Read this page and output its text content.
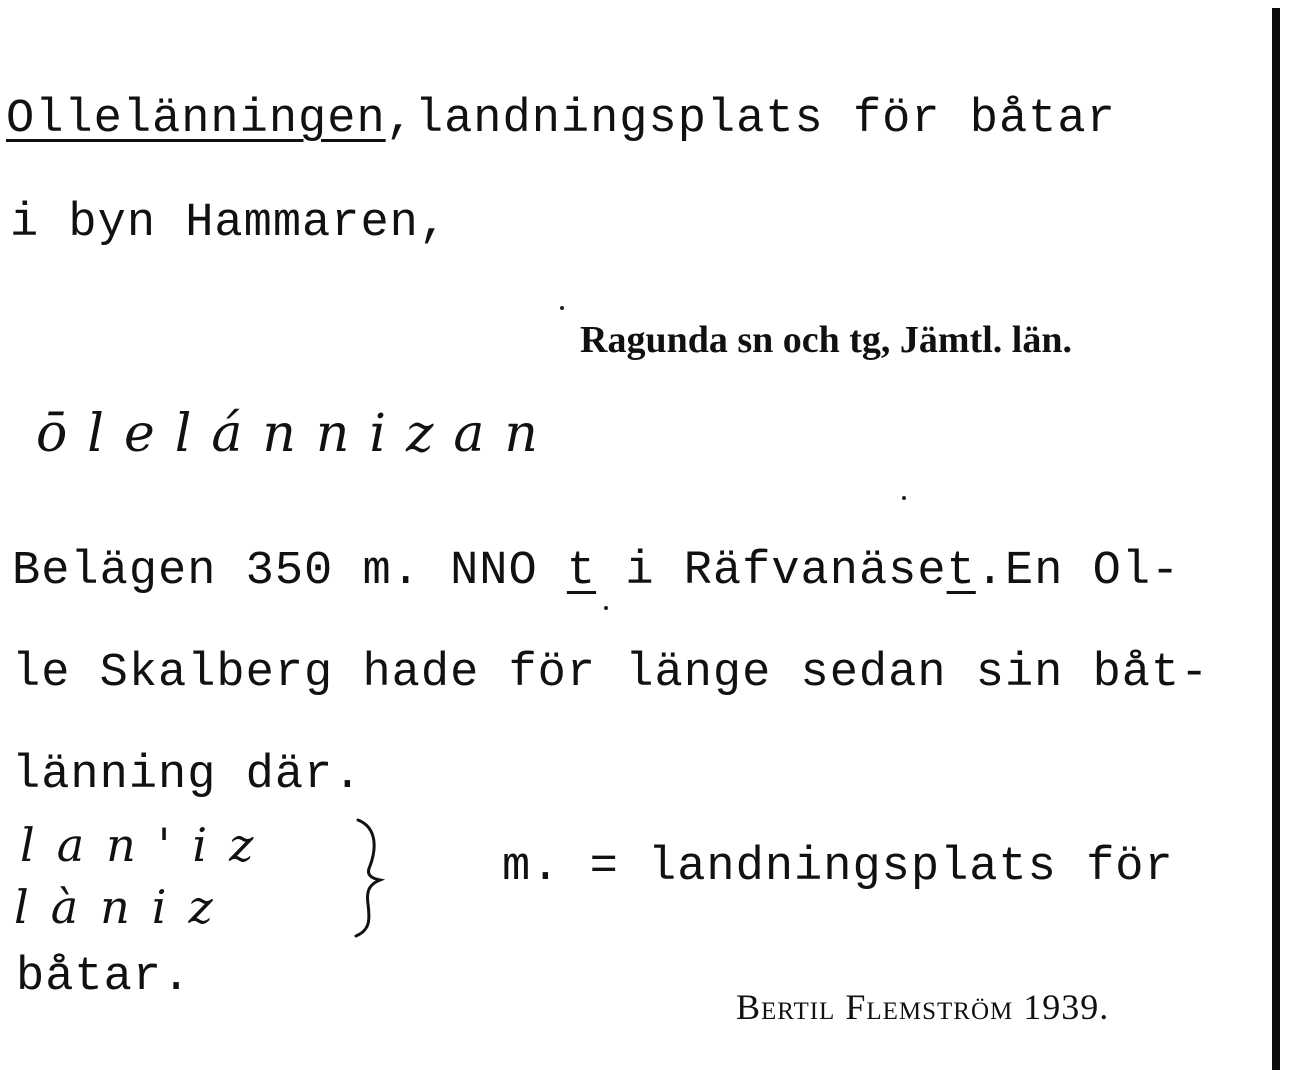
Ollelänningen,landningsplats för båtar
i byn Hammaren,
Ragunda sn och tg, Jämtl. län.
ōlelánnizan
Belägen 350 m. NNO t i Räfvanäset.En Ol-
le Skalberg hade för länge sedan sin båt-
länning där.
lan'iz
làniz
m. = landningsplats för
båtar.
Bertil Flemström 1939.
